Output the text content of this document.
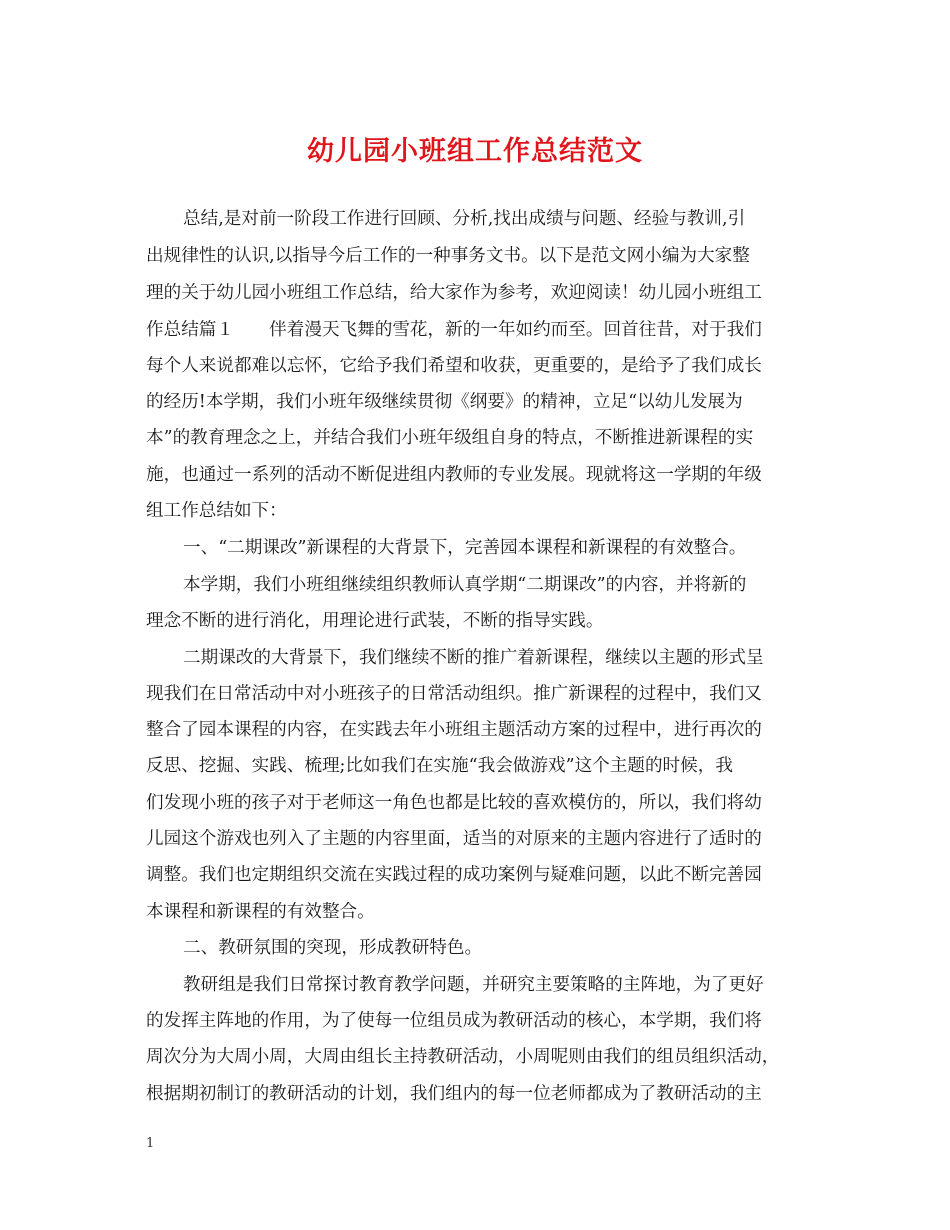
幼儿园小班组工作总结范文
总结,是对前一阶段工作进行回顾、分析,找出成绩与问题、经验与教训,引
出规律性的认识,以指导今后工作的一种事务文书。以下是范文网小编为大家整
理的关于幼儿园小班组工作总结，给大家作为参考，欢迎阅读！幼儿园小班组工
作总结篇１　　伴着漫天飞舞的雪花，新的一年如约而至。回首往昔，对于我们
每个人来说都难以忘怀，它给予我们希望和收获，更重要的，是给予了我们成长
的经历!本学期，我们小班年级继续贯彻《纲要》的精神，立足“以幼儿发展为
本”的教育理念之上，并结合我们小班年级组自身的特点，不断推进新课程的实
施，也通过一系列的活动不断促进组内教师的专业发展。现就将这一学期的年级
组工作总结如下：
一、“二期课改”新课程的大背景下，完善园本课程和新课程的有效整合。
本学期，我们小班组继续组织教师认真学期“二期课改”的内容，并将新的
理念不断的进行消化，用理论进行武装，不断的指导实践。
二期课改的大背景下，我们继续不断的推广着新课程，继续以主题的形式呈
现我们在日常活动中对小班孩子的日常活动组织。推广新课程的过程中，我们又
整合了园本课程的内容，在实践去年小班组主题活动方案的过程中，进行再次的
反思、挖掘、实践、梳理;比如我们在实施“我会做游戏”这个主题的时候，我
们发现小班的孩子对于老师这一角色也都是比较的喜欢模仿的，所以，我们将幼
儿园这个游戏也列入了主题的内容里面，适当的对原来的主题内容进行了适时的
调整。我们也定期组织交流在实践过程的成功案例与疑难问题，以此不断完善园
本课程和新课程的有效整合。
二、教研氛围的突现，形成教研特色。
教研组是我们日常探讨教育教学问题，并研究主要策略的主阵地，为了更好
的发挥主阵地的作用，为了使每一位组员成为教研活动的核心，本学期，我们将
周次分为大周小周，大周由组长主持教研活动，小周呢则由我们的组员组织活动，
根据期初制订的教研活动的计划，我们组内的每一位老师都成为了教研活动的主
1
